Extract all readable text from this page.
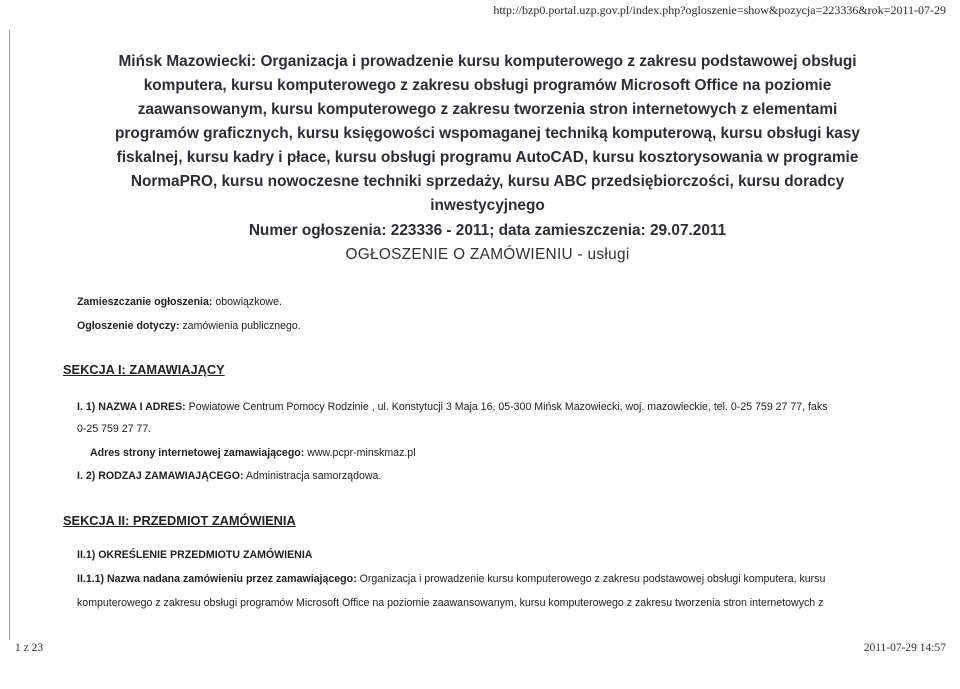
http://bzp0.portal.uzp.gov.pl/index.php?ogloszenie=show&pozycja=223336&rok=2011-07-29
Mińsk Mazowiecki: Organizacja i prowadzenie kursu komputerowego z zakresu podstawowej obsługi
komputera, kursu komputerowego z zakresu obsługi programów Microsoft Office na poziomie
zaawansowanym, kursu komputerowego z zakresu tworzenia stron internetowych z elementami
programów graficznych, kursu księgowości wspomaganej techniką komputerową, kursu obsługi kasy
fiskalnej, kursu kadry i płace, kursu obsługi programu AutoCAD, kursu kosztorysowania w programie
NormaPRO, kursu nowoczesne techniki sprzedaży, kursu ABC przedsiębiorczości, kursu doradcy
inwestycyjnego
Numer ogłoszenia: 223336 - 2011; data zamieszczenia: 29.07.2011
OGŁOSZENIE O ZAMÓWIENIU - usługi
Zamieszczanie ogłoszenia: obowiązkowe.
Ogłoszenie dotyczy: zamówienia publicznego.
SEKCJA I: ZAMAWIAJĄCY
I. 1) NAZWA I ADRES: Powiatowe Centrum Pomocy Rodzinie , ul. Konstytucji 3 Maja 16, 05-300 Mińsk Mazowiecki, woj. mazowieckie, tel. 0-25 759 27 77, faks
0-25 759 27 77.
Adres strony internetowej zamawiającego: www.pcpr-minskmaz.pl
I. 2) RODZAJ ZAMAWIAJĄCEGO: Administracja samorządowa.
SEKCJA II: PRZEDMIOT ZAMÓWIENIA
II.1) OKREŚLENIE PRZEDMIOTU ZAMÓWIENIA
II.1.1) Nazwa nadana zamówieniu przez zamawiającego: Organizacja i prowadzenie kursu komputerowego z zakresu podstawowej obsługi komputera, kursu
komputerowego z zakresu obsługi programów Microsoft Office na poziomie zaawansowanym, kursu komputerowego z zakresu tworzenia stron internetowych z
1 z 23	2011-07-29 14:57
